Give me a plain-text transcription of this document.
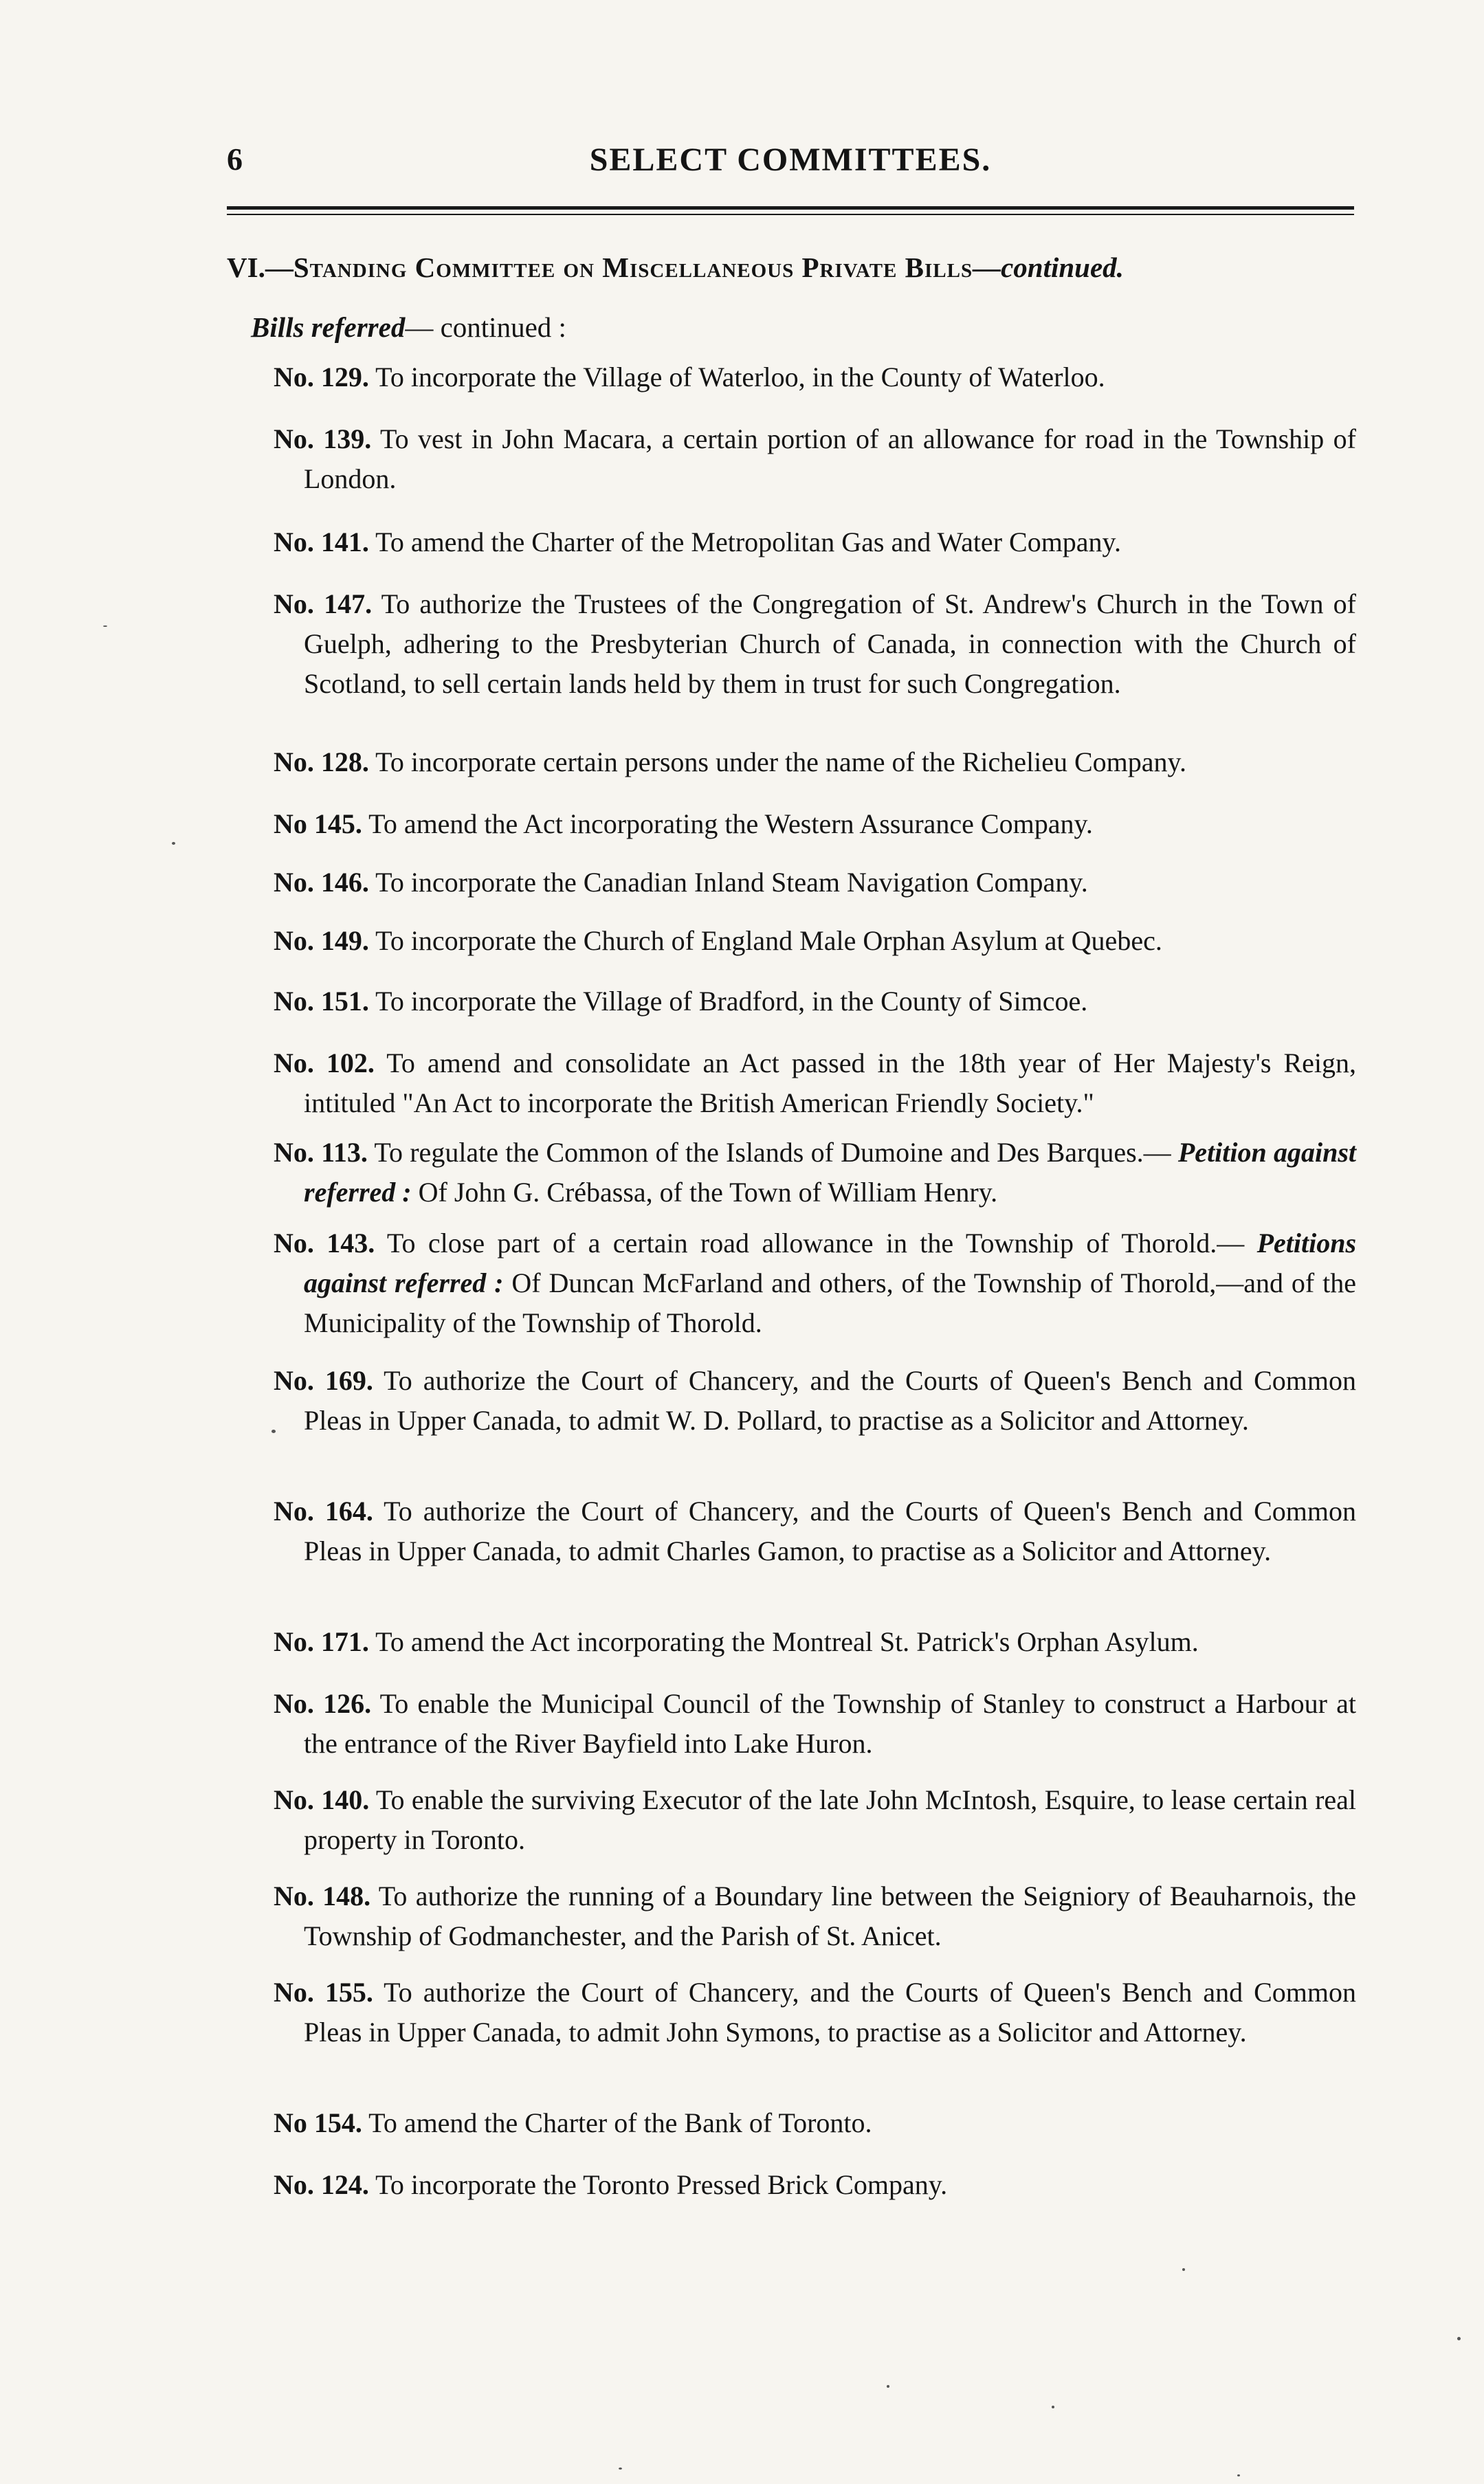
6	SELECT COMMITTEES.
VI.—Standing Committee on Miscellaneous Private Bills—continued.
Bills referred— continued :
No. 129. To incorporate the Village of Waterloo, in the County of Waterloo.
No. 139. To vest in John Macara, a certain portion of an allowance for road in the Township of London.
No. 141. To amend the Charter of the Metropolitan Gas and Water Company.
No. 147. To authorize the Trustees of the Congregation of St. Andrew's Church in the Town of Guelph, adhering to the Presbyterian Church of Canada, in connection with the Church of Scotland, to sell certain lands held by them in trust for such Congregation.
No. 128. To incorporate certain persons under the name of the Richelieu Company.
No 145. To amend the Act incorporating the Western Assurance Company.
No. 146. To incorporate the Canadian Inland Steam Navigation Company.
No. 149. To incorporate the Church of England Male Orphan Asylum at Quebec.
No. 151. To incorporate the Village of Bradford, in the County of Simcoe.
No. 102. To amend and consolidate an Act passed in the 18th year of Her Majesty's Reign, intituled "An Act to incorporate the British American Friendly Society."
No. 113. To regulate the Common of the Islands of Dumoine and Des Barques.— Petition against referred : Of John G. Crébassa, of the Town of William Henry.
No. 143. To close part of a certain road allowance in the Township of Thorold.— Petitions against referred : Of Duncan McFarland and others, of the Township of Thorold,—and of the Municipality of the Township of Thorold.
No. 169. To authorize the Court of Chancery, and the Courts of Queen's Bench and Common Pleas in Upper Canada, to admit W. D. Pollard, to practise as a Solicitor and Attorney.
No. 164. To authorize the Court of Chancery, and the Courts of Queen's Bench and Common Pleas in Upper Canada, to admit Charles Gamon, to practise as a Solicitor and Attorney.
No. 171. To amend the Act incorporating the Montreal St. Patrick's Orphan Asylum.
No. 126. To enable the Municipal Council of the Township of Stanley to construct a Harbour at the entrance of the River Bayfield into Lake Huron.
No. 140. To enable the surviving Executor of the late John McIntosh, Esquire, to lease certain real property in Toronto.
No. 148. To authorize the running of a Boundary line between the Seigniory of Beauharnois, the Township of Godmanchester, and the Parish of St. Anicet.
No. 155. To authorize the Court of Chancery, and the Courts of Queen's Bench and Common Pleas in Upper Canada, to admit John Symons, to practise as a Solicitor and Attorney.
No 154. To amend the Charter of the Bank of Toronto.
No. 124. To incorporate the Toronto Pressed Brick Company.
